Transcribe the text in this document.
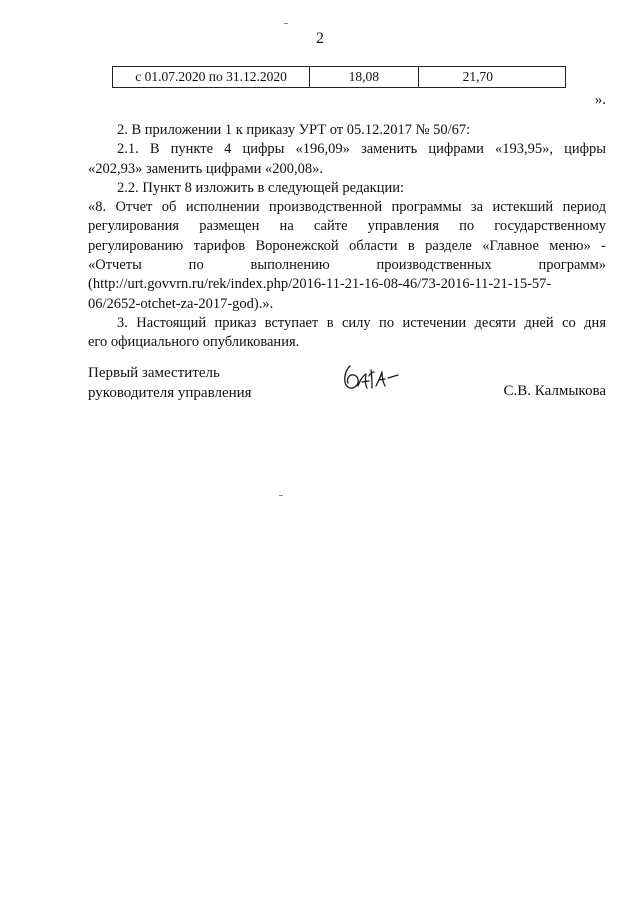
2
с 01.07.2020 по 31.12.2020	18,08	21,70
».

2. В приложении 1 к приказу УРТ от 05.12.2017 № 50/67:

2.1. В пункте 4 цифры «196,09» заменить цифрами «193,95», цифры

«202,93» заменить цифрами «200,08».

2.2. Пункт 8 изложить в следующей редакции:

«8. Отчет об исполнении производственной программы за истекший период

регулирования размещен на сайте управления по государственному

регулированию тарифов Воронежской области в разделе «Главное меню» -

«Отчеты по выполнению производственных программ»

(http://urt.govvrn.ru/rek/index.php/2016-11-21-16-08-46/73-2016-11-21-15-57-

06/2652-otchet-za-2017-god).».

3. Настоящий приказ вступает в силу по истечении десяти дней со дня

его официального опубликования.

Первый заместитель
руководителя управления	С.В. Калмыкова
